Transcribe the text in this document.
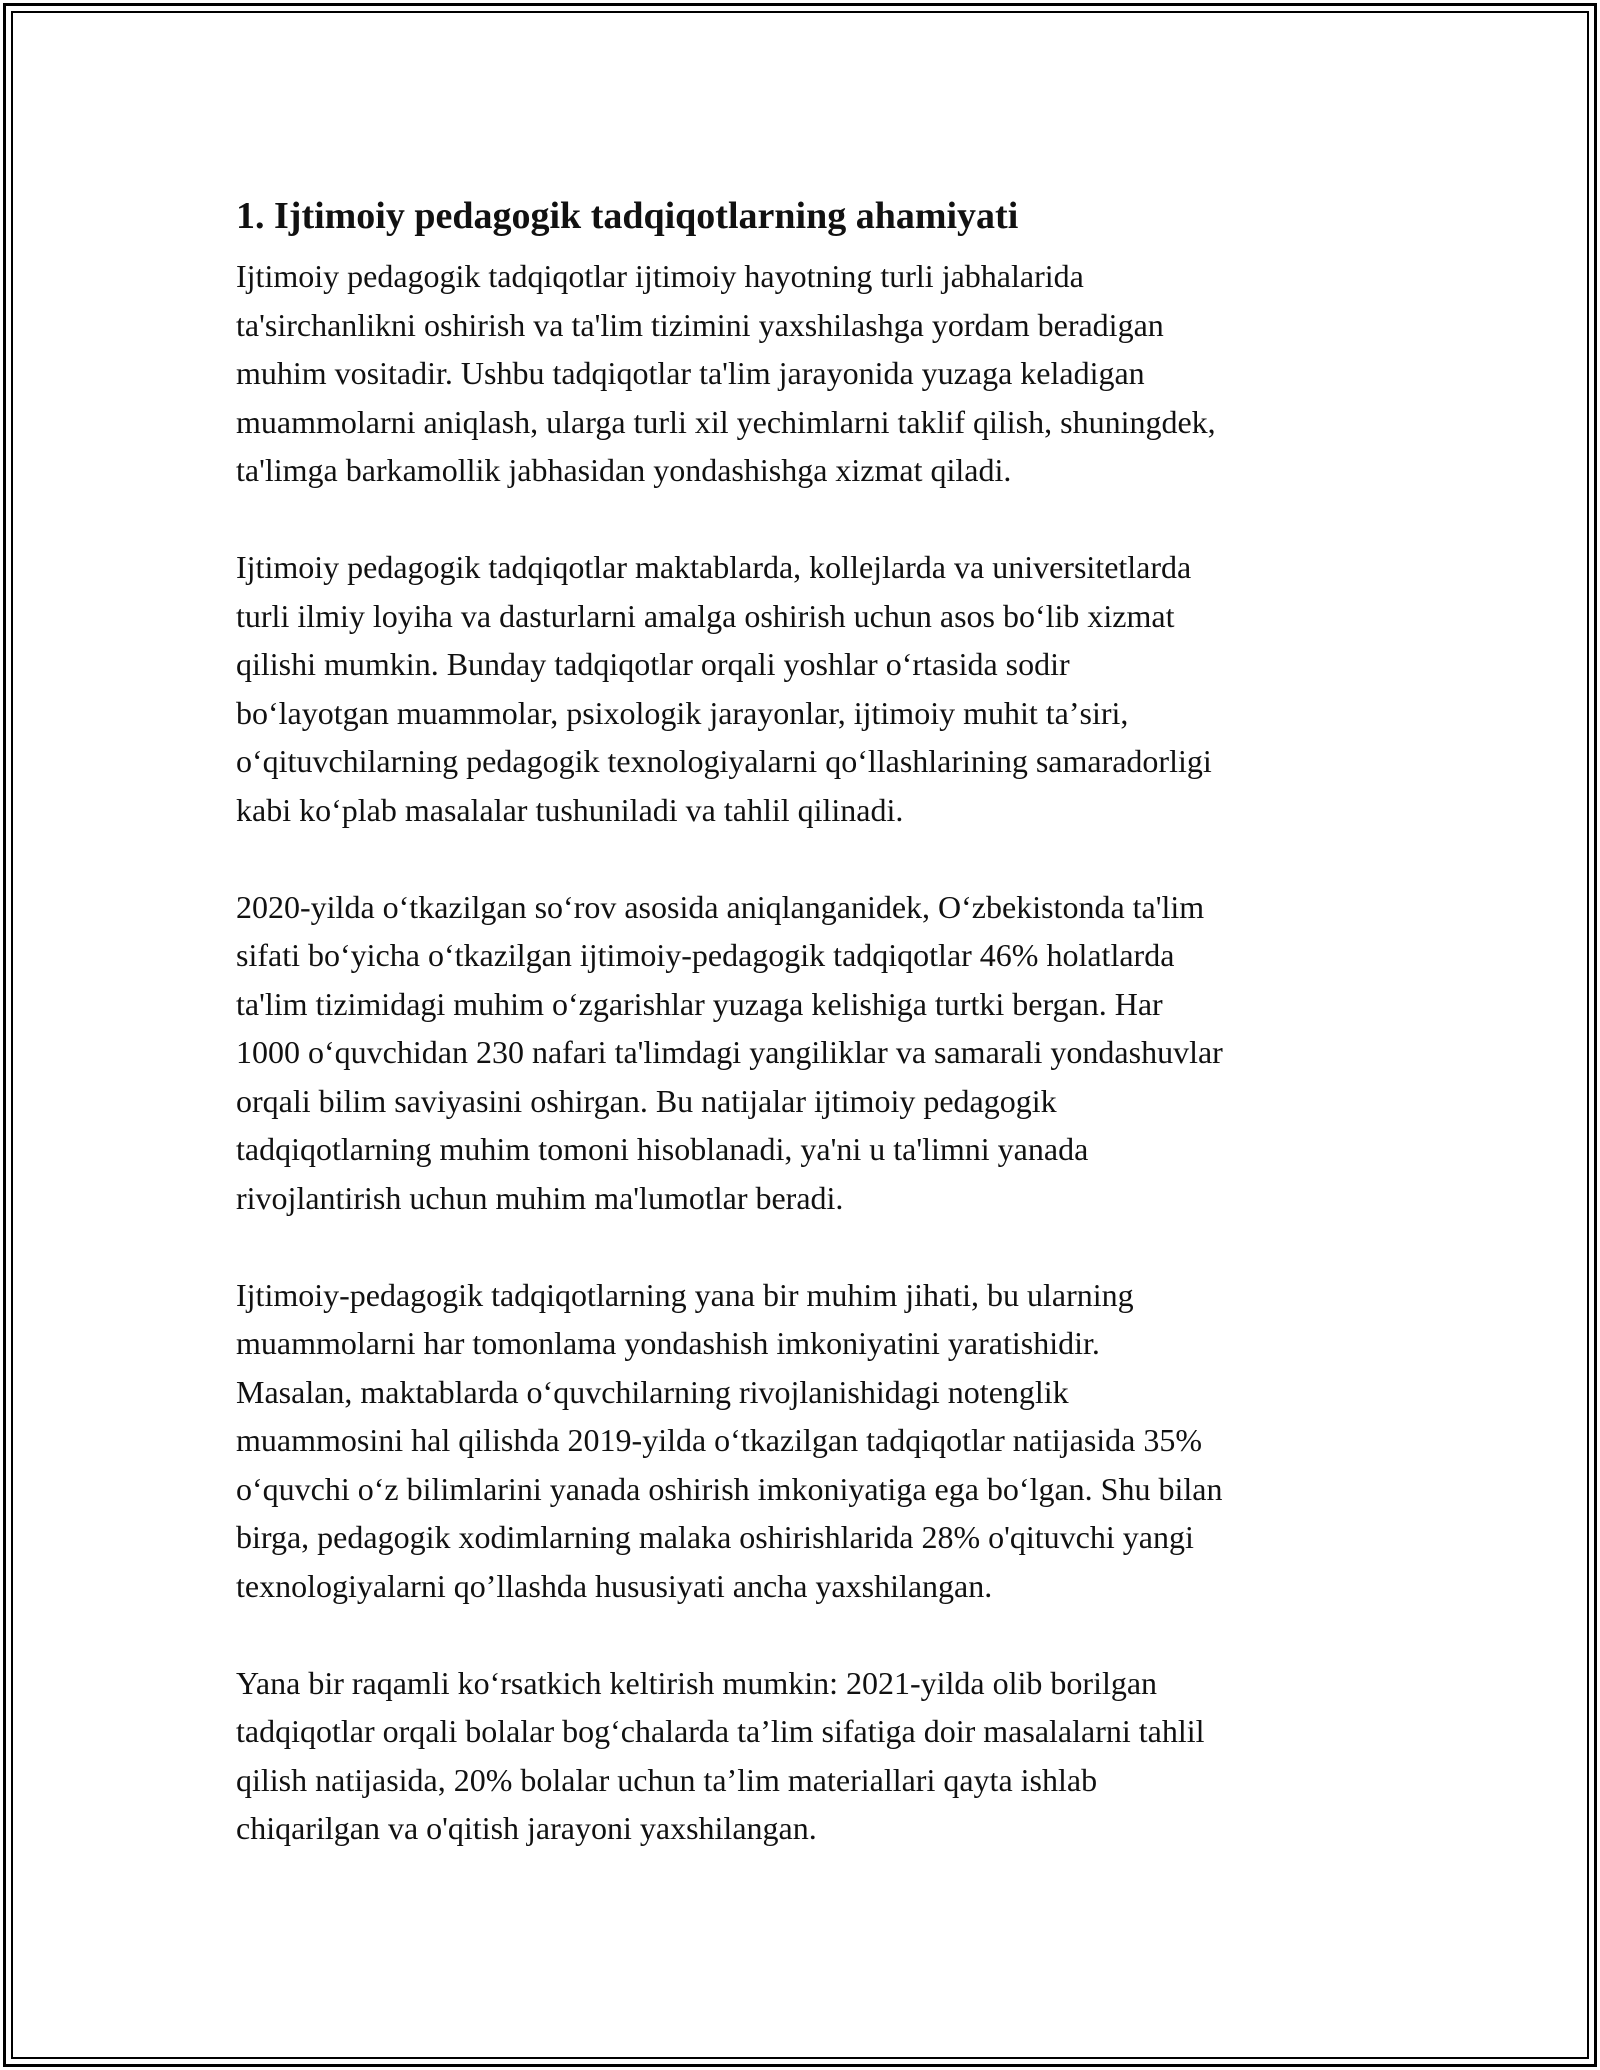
1. Ijtimoiy pedagogik tadqiqotlarning ahamiyati

Ijtimoiy pedagogik tadqiqotlar ijtimoiy hayotning turli jabhalarida
ta'sirchanlikni oshirish va ta'lim tizimini yaxshilashga yordam beradigan
muhim vositadir. Ushbu tadqiqotlar ta'lim jarayonida yuzaga keladigan
muammolarni aniqlash, ularga turli xil yechimlarni taklif qilish, shuningdek,
ta'limga barkamollik jabhasidan yondashishga xizmat qiladi.

Ijtimoiy pedagogik tadqiqotlar maktablarda, kollejlarda va universitetlarda
turli ilmiy loyiha va dasturlarni amalga oshirish uchun asos boʻlib xizmat
qilishi mumkin. Bunday tadqiqotlar orqali yoshlar oʻrtasida sodir
boʻlayotgan muammolar, psixologik jarayonlar, ijtimoiy muhit taʼsiri,
oʻqituvchilarning pedagogik texnologiyalarni qoʻllashlarining samaradorligi
kabi koʻplab masalalar tushuniladi va tahlil qilinadi.

2020-yilda oʻtkazilgan soʻrov asosida aniqlanganidek, Oʻzbekistonda ta'lim
sifati boʻyicha oʻtkazilgan ijtimoiy-pedagogik tadqiqotlar 46% holatlarda
ta'lim tizimidagi muhim oʻzgarishlar yuzaga kelishiga turtki bergan. Har
1000 oʻquvchidan 230 nafari ta'limdagi yangiliklar va samarali yondashuvlar
orqali bilim saviyasini oshirgan. Bu natijalar ijtimoiy pedagogik
tadqiqotlarning muhim tomoni hisoblanadi, ya'ni u ta'limni yanada
rivojlantirish uchun muhim ma'lumotlar beradi.

Ijtimoiy-pedagogik tadqiqotlarning yana bir muhim jihati, bu ularning
muammolarni har tomonlama yondashish imkoniyatini yaratishidir.
Masalan, maktablarda oʻquvchilarning rivojlanishidagi notenglik
muammosini hal qilishda 2019-yilda oʻtkazilgan tadqiqotlar natijasida 35%
oʻquvchi oʻz bilimlarini yanada oshirish imkoniyatiga ega boʻlgan. Shu bilan
birga, pedagogik xodimlarning malaka oshirishlarida 28% o'qituvchi yangi
texnologiyalarni qo’llashda hususiyati ancha yaxshilangan.

Yana bir raqamli koʻrsatkich keltirish mumkin: 2021-yilda olib borilgan
tadqiqotlar orqali bolalar bogʻchalarda ta’lim sifatiga doir masalalarni tahlil
qilish natijasida, 20% bolalar uchun ta’lim materiallari qayta ishlab
chiqarilgan va o'qitish jarayoni yaxshilangan.
